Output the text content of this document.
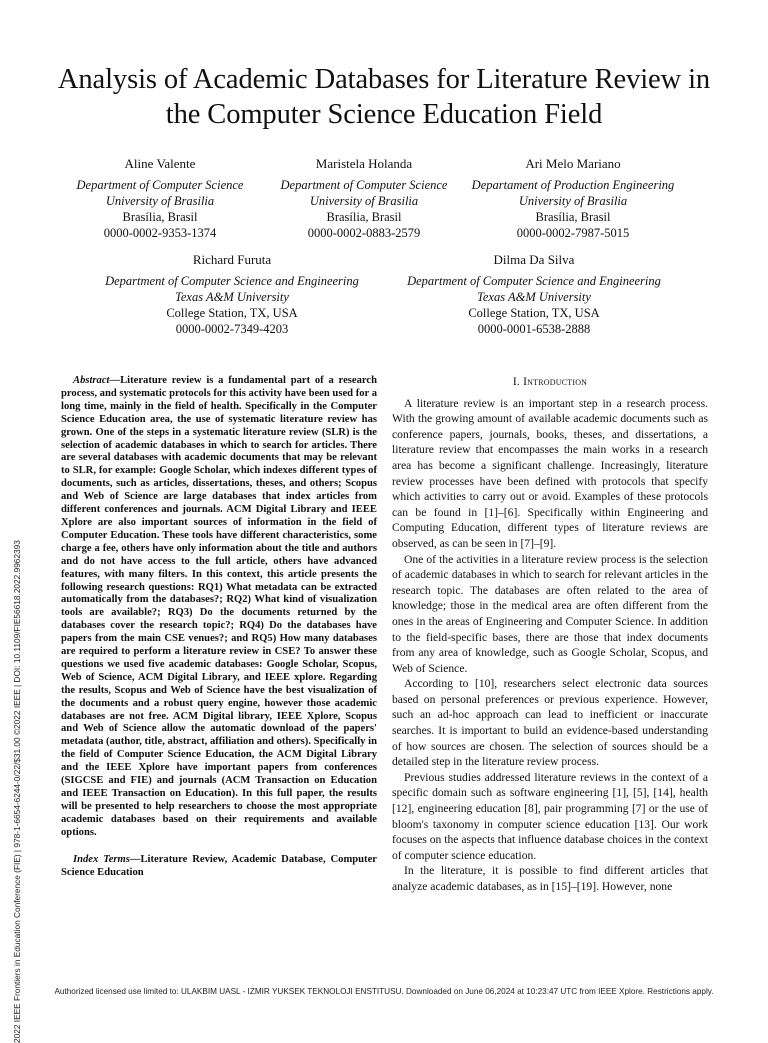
2022 IEEE Frontiers in Education Conference (FIE) | 978-1-6654-6244-0/22/$31.00 ©2022 IEEE | DOI: 10.1109/FIE56618.2022.9962393
Analysis of Academic Databases for Literature Review in the Computer Science Education Field
Aline Valente
Department of Computer Science
University of Brasilia
Brasília, Brasil
0000-0002-9353-1374
Maristela Holanda
Department of Computer Science
University of Brasilia
Brasília, Brasil
0000-0002-0883-2579
Ari Melo Mariano
Departament of Production Engineering
University of Brasilia
Brasília, Brasil
0000-0002-7987-5015
Richard Furuta
Department of Computer Science and Engineering
Texas A&M University
College Station, TX, USA
0000-0002-7349-4203
Dilma Da Silva
Department of Computer Science and Engineering
Texas A&M University
College Station, TX, USA
0000-0001-6538-2888

Abstract—Literature review is a fundamental part of a research process, and systematic protocols for this activity have been used for a long time, mainly in the field of health. Specifically in the Computer Science Education area, the use of systematic literature review has grown. One of the steps in a systematic literature review (SLR) is the selection of academic databases in which to search for articles. There are several databases with academic documents that may be relevant to SLR, for example: Google Scholar, which indexes different types of documents, such as articles, dissertations, theses, and others; Scopus and Web of Science are large databases that index articles from different conferences and journals. ACM Digital Library and IEEE Xplore are also important sources of information in the field of Computer Education. These tools have different characteristics, some charge a fee, others have only information about the title and authors and do not have access to the full article, others have advanced features, with many filters. In this context, this article presents the following research questions: RQ1) What metadata can be extracted automatically from the databases?; RQ2) What kind of visualization tools are available?; RQ3) Do the documents returned by the databases cover the research topic?; RQ4) Do the databases have papers from the main CSE venues?; and RQ5) How many databases are required to perform a literature review in CSE? To answer these questions we used five academic databases: Google Scholar, Scopus, Web of Science, ACM Digital Library, and IEEE xplore. Regarding the results, Scopus and Web of Science have the best visualization of the documents and a robust query engine, however those academic databases are not free. ACM Digital library, IEEE Xplore, Scopus and Web of Science allow the automatic download of the papers' metadata (author, title, abstract, affiliation and others). Specifically in the field of Computer Science Education, the ACM Digital Library and the IEEE Xplore have important papers from conferences (SIGCSE and FIE) and journals (ACM Transaction on Education and IEEE Transaction on Education). In this full paper, the results will be presented to help researchers to choose the most appropriate academic databases based on their requirements and available options.

Index Terms—Literature Review, Academic Database, Computer Science Education

I. Introduction

A literature review is an important step in a research process. With the growing amount of available academic documents such as conference papers, journals, books, theses, and dissertations, a literature review that encompasses the main works in a research area has become a significant challenge. Increasingly, literature review processes have been defined with protocols that specify which activities to carry out or avoid. Examples of these protocols can be found in [1]–[6]. Specifically within Engineering and Computing Education, different types of literature reviews are observed, as can be seen in [7]–[9].

One of the activities in a literature review process is the selection of academic databases in which to search for relevant articles in the research topic. The databases are often related to the area of knowledge; those in the medical area are often different from the ones in the areas of Engineering and Computer Science. In addition to the field-specific bases, there are those that index documents from any area of knowledge, such as Google Scholar, Scopus, and Web of Science.

According to [10], researchers select electronic data sources based on personal preferences or previous experience. However, such an ad-hoc approach can lead to inefficient or inaccurate searches. It is important to build an evidence-based understanding of how sources are chosen. The selection of sources should be a detailed step in the literature review process.

Previous studies addressed literature reviews in the context of a specific domain such as software engineering [1], [5], [14], health [12], engineering education [8], pair programming [7] or the use of bloom's taxonomy in computer science education [13]. Our work focuses on the aspects that influence database choices in the context of computer science education.

In the literature, it is possible to find different articles that analyze academic databases, as in [15]–[19]. However, none

Authorized licensed use limited to: ULAKBIM UASL - IZMIR YUKSEK TEKNOLOJI ENSTITUSU. Downloaded on June 06,2024 at 10:23:47 UTC from IEEE Xplore. Restrictions apply.
